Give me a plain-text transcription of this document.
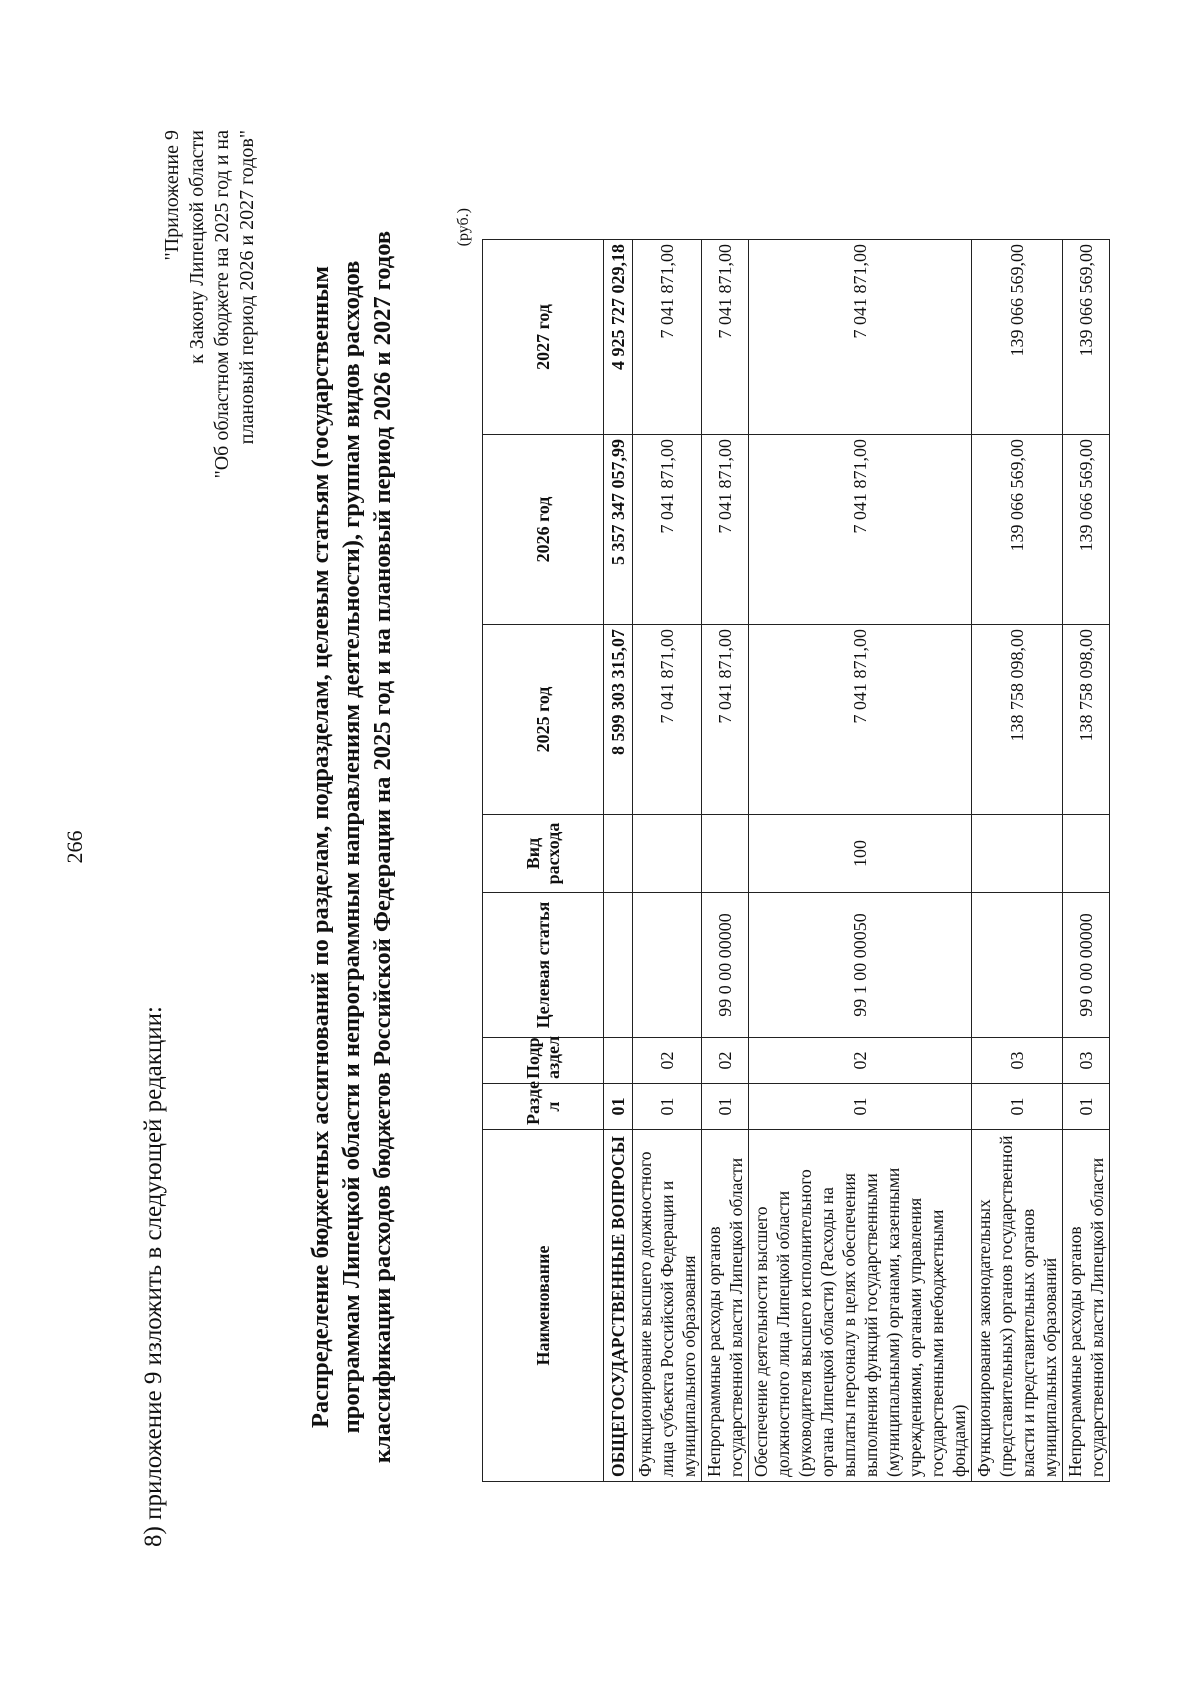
266
8) приложение 9 изложить в следующей редакции:
"Приложение 9 к Закону Липецкой области "Об областном бюджете на 2025 год и на плановый период 2026 и 2027 годов" Распределение бюджетных ассигнований по разделам, подразделам, целевым статьям (государственным программам Липецкой области и непрограммным направлениям деятельности), группам видов расходов классификации расходов бюджетов Российской Федерации на 2025 год и на плановый период 2026 и 2027 годов
(руб.)
Наименование	Разде л	Подр аздел	Целевая статья	Вид расхода	2025 год	2026 год	2027 год
ОБЩЕГОСУДАРСТВЕННЫЕ ВОПРОСЫ	01				8 599 303 315,07	5 357 347 057,99	4 925 727 029,18
Функционирование высшего должностного лица субъекта Российской Федерации и муниципального образования	01	02			7 041 871,00	7 041 871,00	7 041 871,00
Непрограммные расходы органов государственной власти Липецкой области	01	02	99 0 00 00000		7 041 871,00	7 041 871,00	7 041 871,00
Обеспечение деятельности высшего должностного лица Липецкой области (руководителя высшего исполнительного органа Липецкой области) (Расходы на выплаты персоналу в целях обеспечения выполнения функций государственными (муниципальными) органами, казенными учреждениями, органами управления государственными внебюджетными фондами)	01	02	99 1 00 00050	100	7 041 871,00	7 041 871,00	7 041 871,00
Функционирование законодательных (представительных) органов государственной власти и представительных органов муниципальных образований	01	03			138 758 098,00	139 066 569,00	139 066 569,00
Непрограммные расходы органов государственной власти Липецкой области	01	03	99 0 00 00000		138 758 098,00	139 066 569,00	139 066 569,00
